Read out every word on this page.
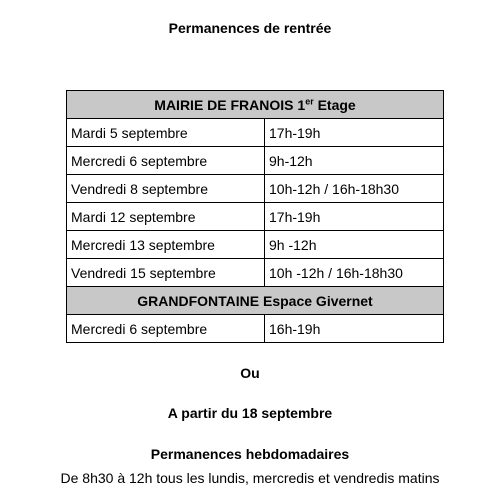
Permanences de rentrée
MAIRIE DE FRANOIS 1er Etage	
Mardi 5 septembre	17h-19h
Mercredi 6 septembre	9h-12h
Vendredi 8 septembre	10h-12h / 16h-18h30
Mardi 12 septembre	17h-19h
Mercredi 13 septembre	9h -12h
Vendredi 15 septembre	10h -12h / 16h-18h30
GRANDFONTAINE Espace Givernet	
Mercredi 6 septembre	16h-19h
Ou
A partir du 18 septembre
Permanences hebdomadaires
De 8h30 à 12h tous les lundis, mercredis et vendredis matins
